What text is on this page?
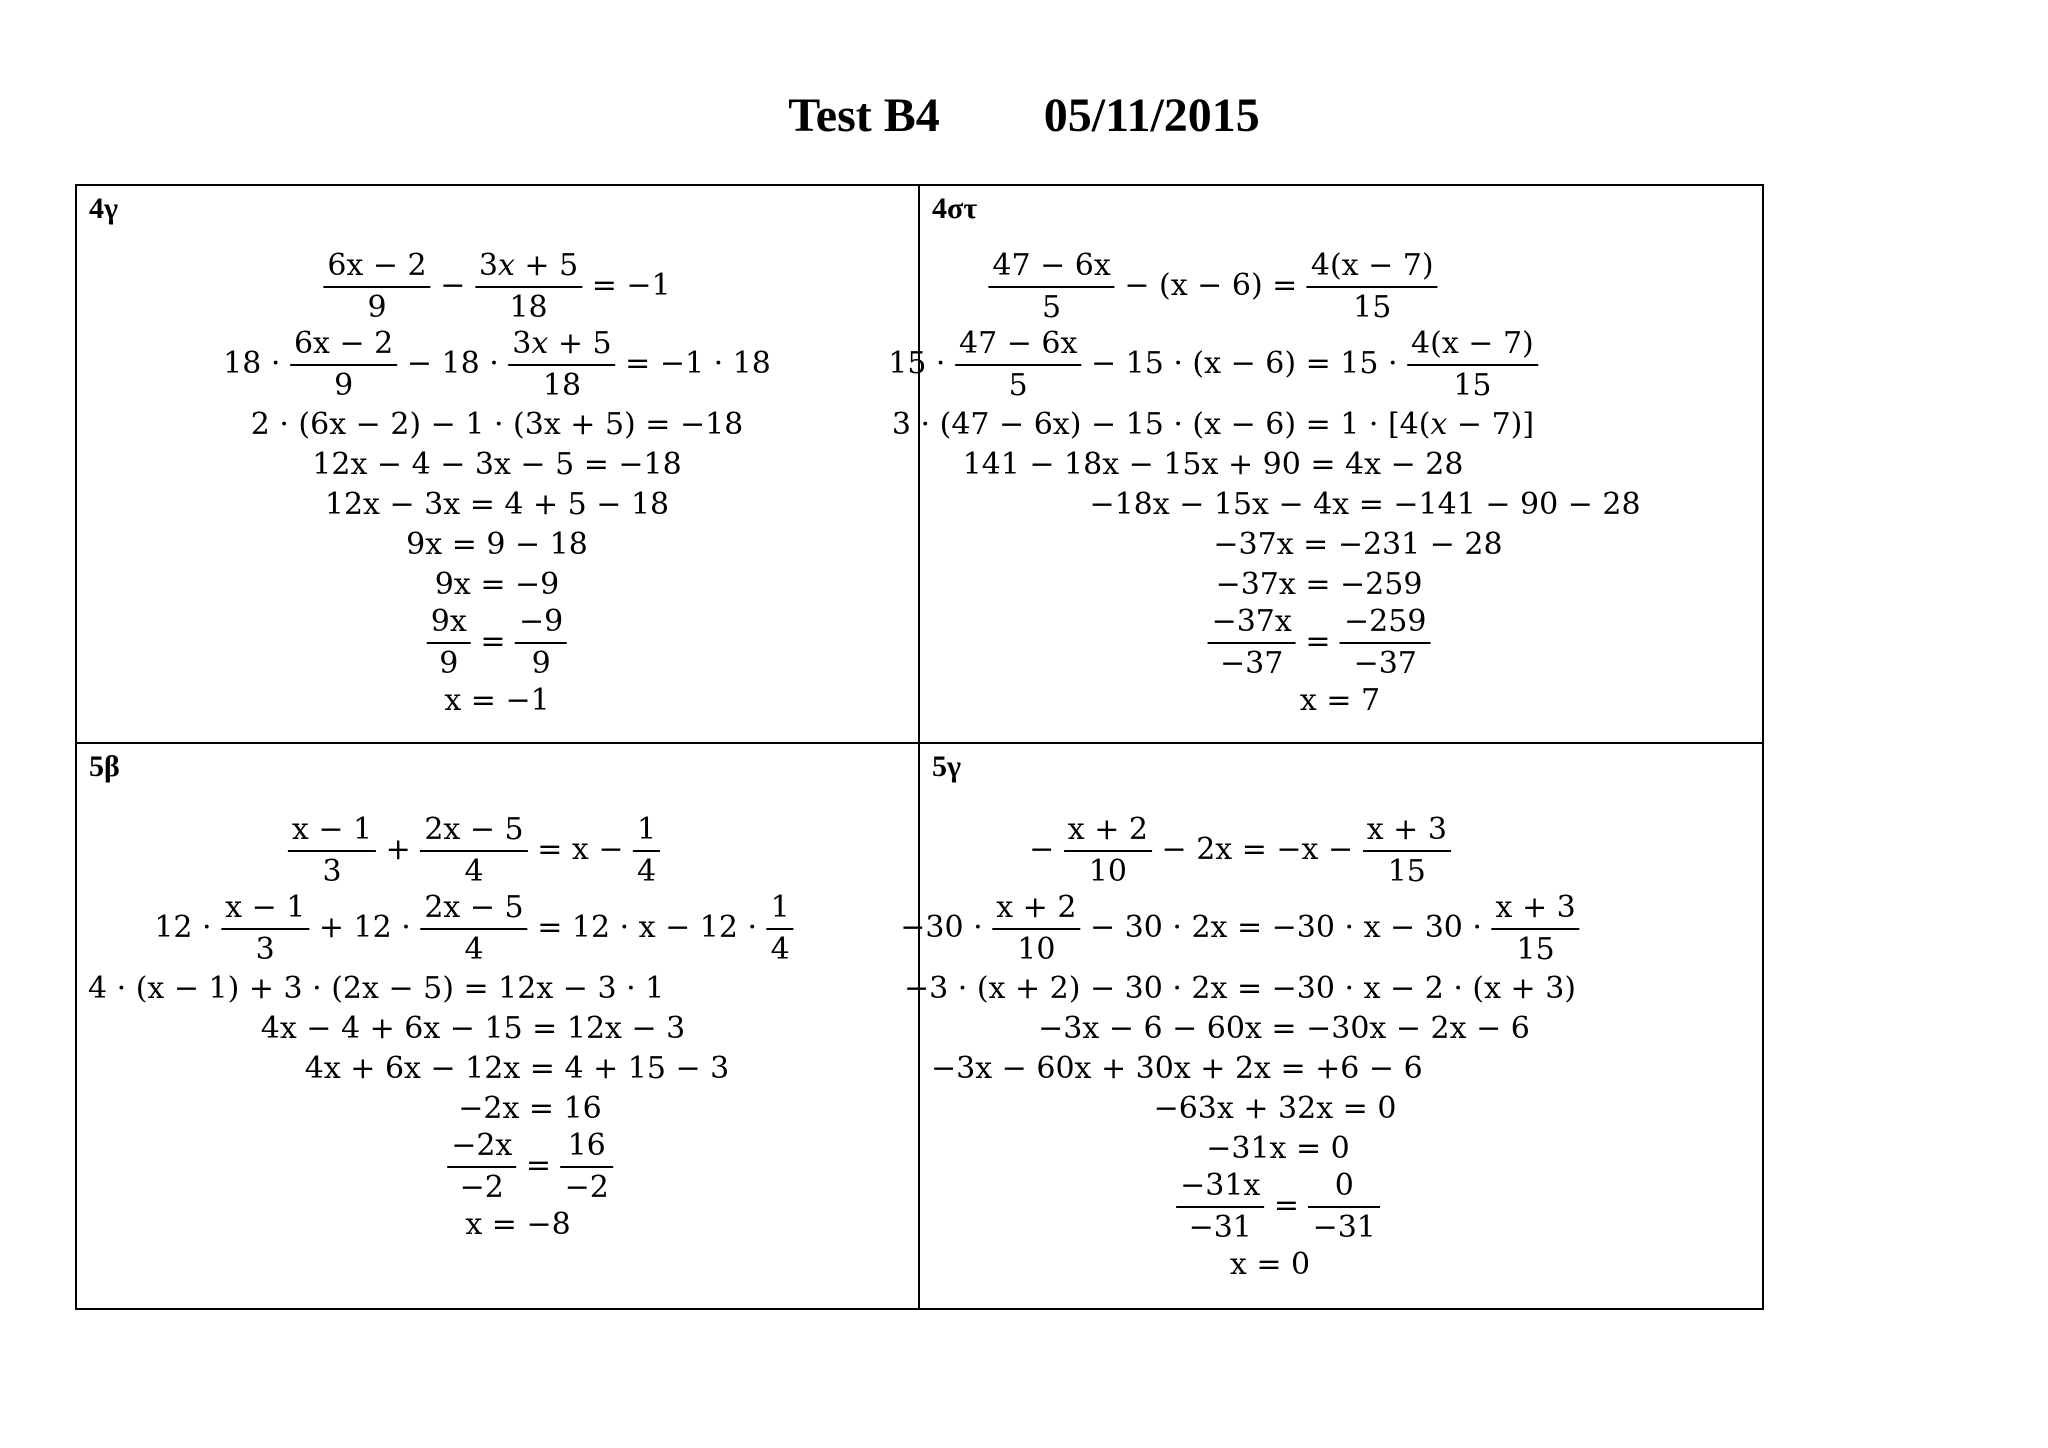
Test B4 05/11/2015
4γ
$\frac{6x - 2}{9} - \frac{\text{3𝑥 + 5}}{18} = -1$
$18 \cdot \frac{6x - 2}{9} - 18 \cdot \frac{\text{3𝑥 + 5}}{18} = -1 \cdot 18$
2 · (6x − 2) − 1 · (3x + 5) = −18
12x − 4 − 3x − 5 = −18
12x − 3x = 4 + 5 − 18
9x = 9 − 18
9x = −9
$\frac{9x}{9} = \frac{-9}{9}$
x = −1
4στ
$\frac{47 - 6x}{5} - (x - 6) = \frac{4(x - 7)}{15}$
$15 \cdot \frac{47 - 6x}{5} - 15 \cdot (x - 6) = 15 \cdot \frac{4(x - 7)}{15}$
3 · (47 − 6x) − 15 · (x − 6) = 1 · [4(𝑥 − 7)]
141 − 18x − 15x + 90 = 4x − 28
−18x − 15x − 4x = −141 − 90 − 28
−37x = −231 − 28
−37x = −259
$\frac{-37x}{-37} = \frac{-259}{-37}$
x = 7
5β
$\frac{x - 1}{3} + \frac{2x - 5}{4} = x - \frac{1}{4}$
$12 \cdot \frac{x - 1}{3} + 12 \cdot \frac{2x - 5}{4} = 12 \cdot x - 12 \cdot \frac{1}{4}$
4 · (x − 1) + 3 · (2x − 5) = 12x − 3 · 1
4x − 4 + 6x − 15 = 12x − 3
4x + 6x − 12x = 4 + 15 − 3
−2x = 16
$\frac{-2x}{-2} = \frac{16}{-2}$
x = −8
5γ
− $\frac{x + 2}{10} - 2x = -x - \frac{x + 3}{15}$
$-30 \cdot \frac{x + 2}{10} - 30 \cdot 2x = -30 \cdot x - 30 \cdot \frac{x + 3}{15}$
−3 · (x + 2) − 30 · 2x = −30 · x − 2 · (x + 3)
−3x − 6 − 60x = −30x − 2x − 6
−3x − 60x + 30x + 2x = +6 − 6
−63x + 32x = 0
−31x = 0
$\frac{-31x}{-31} = \frac{0}{-31}$
x = 0
